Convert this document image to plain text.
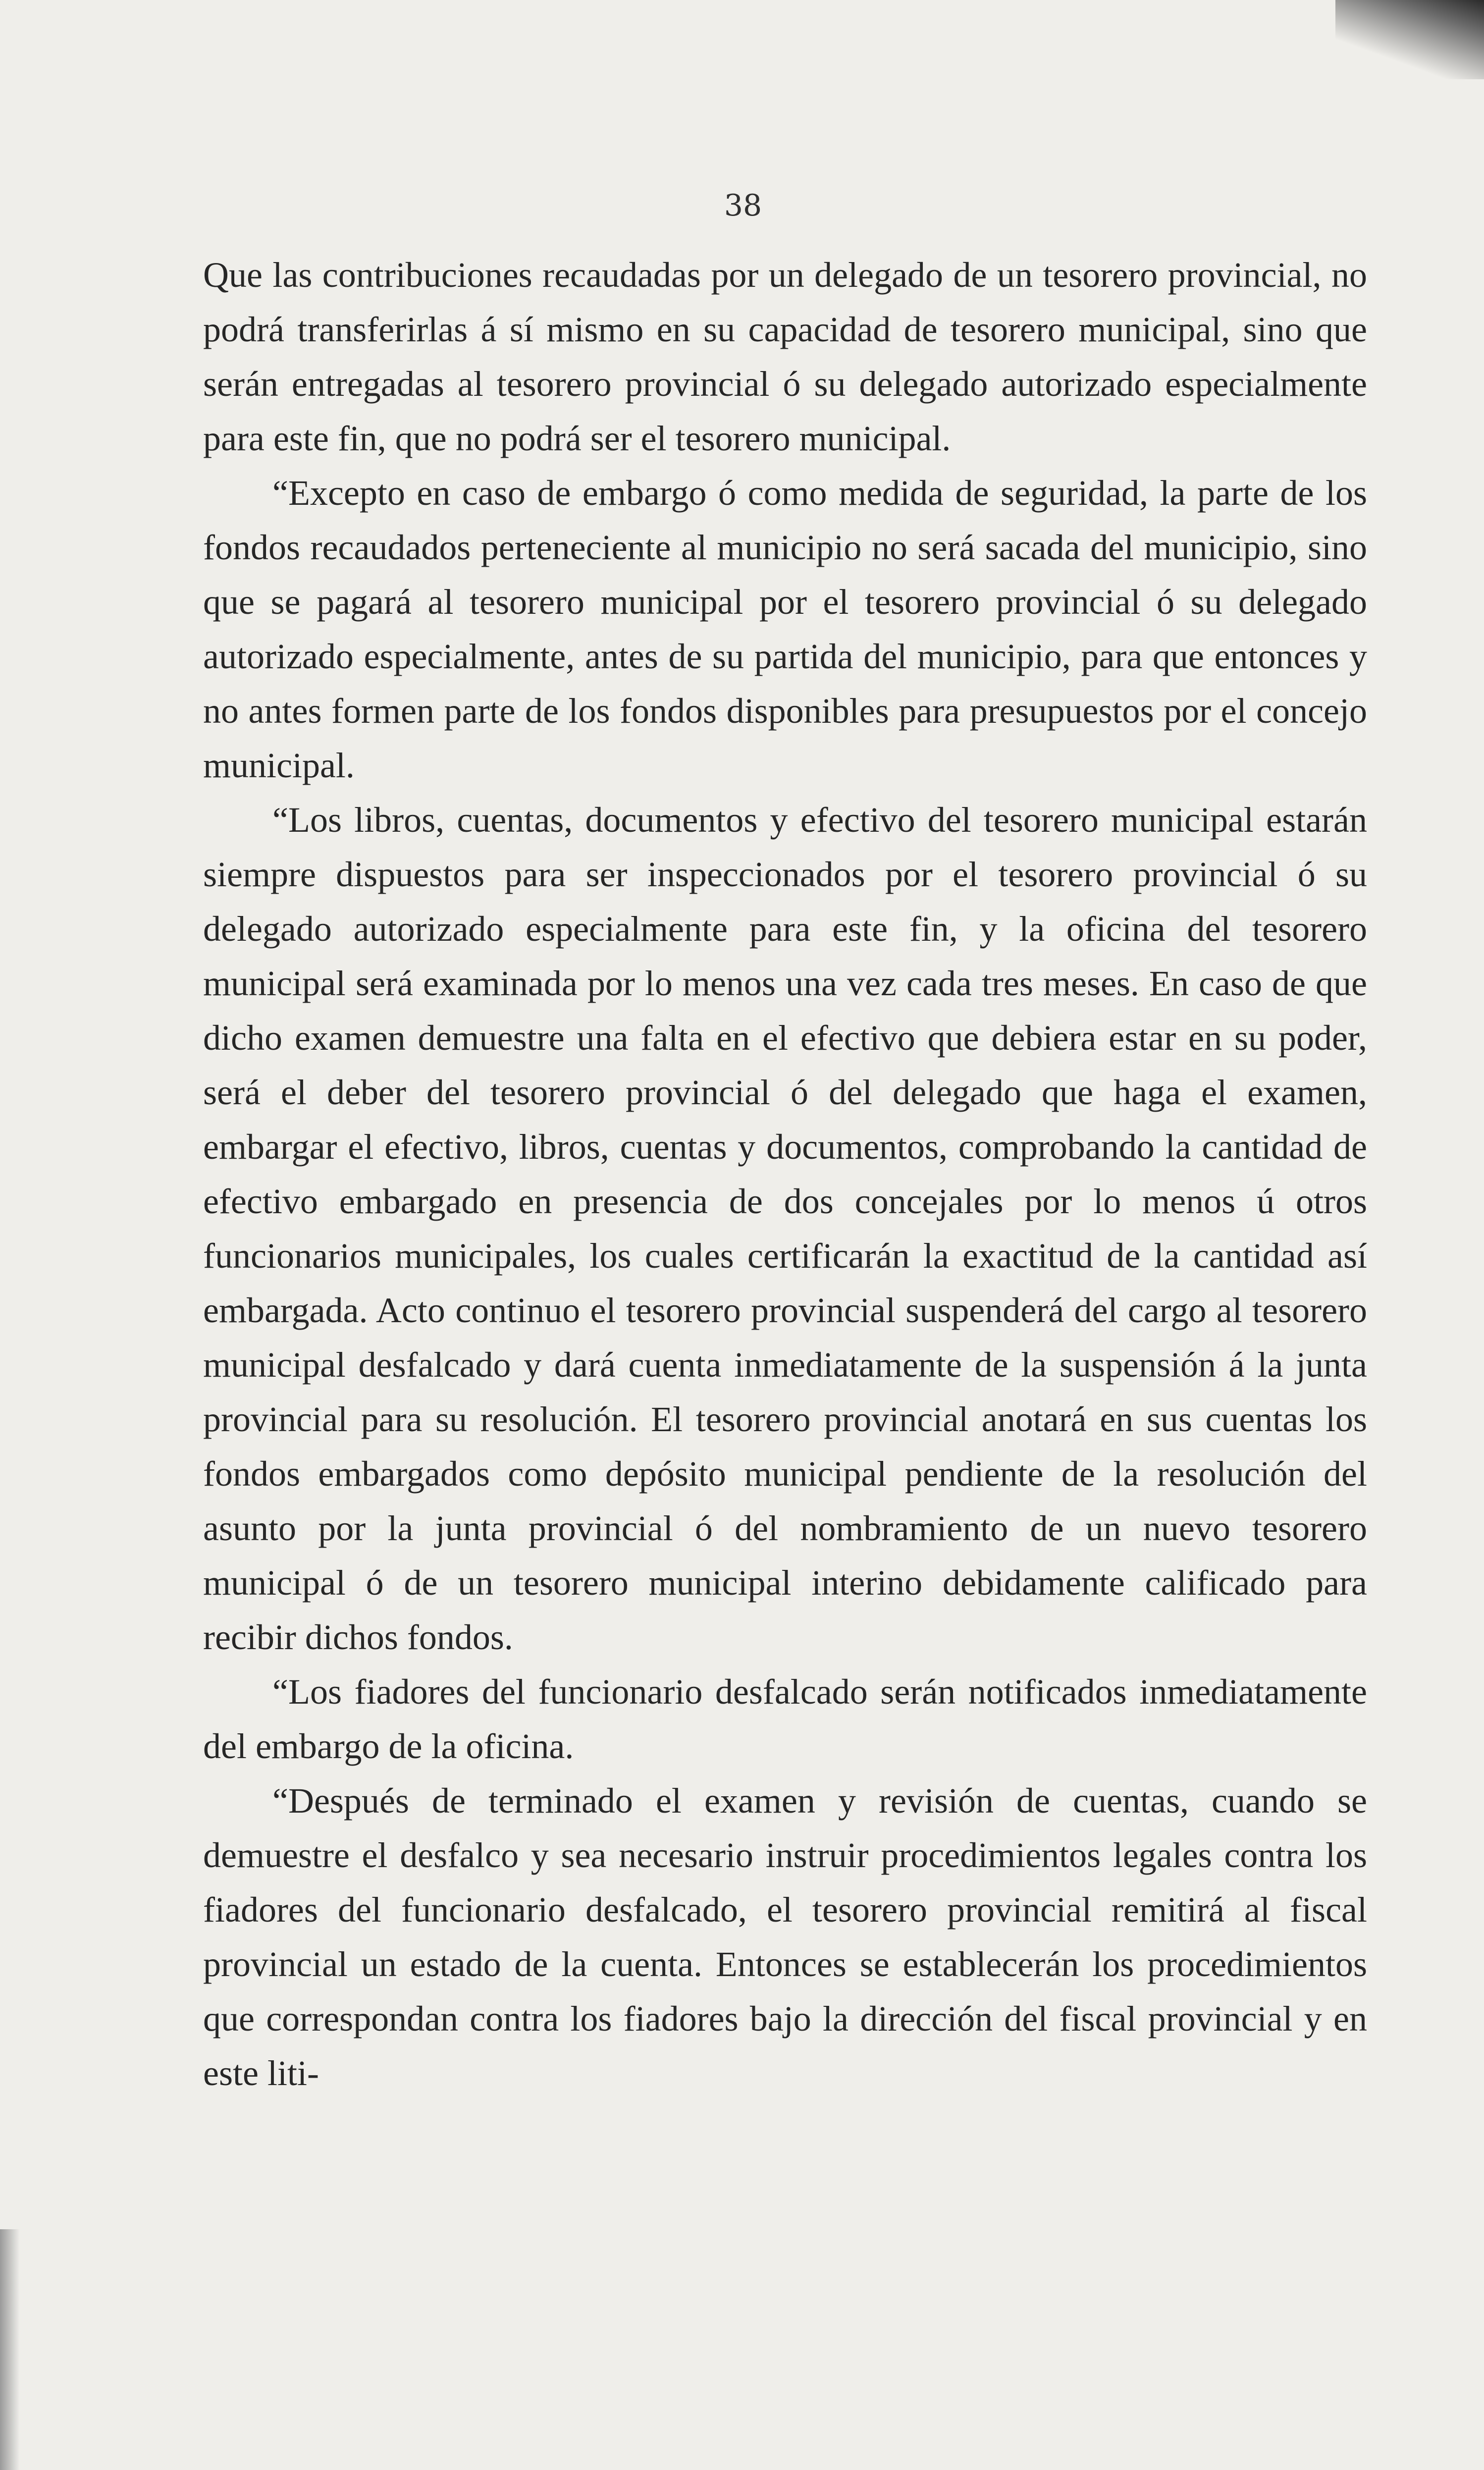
38

Que las contribuciones recaudadas por un delegado de un tesorero provincial, no podrá transferirlas á sí mismo en su capacidad de tesorero municipal, sino que serán entregadas al tesorero provincial ó su delegado autorizado especialmente para este fin, que no podrá ser el tesorero municipal.

“Excepto en caso de embargo ó como medida de seguridad, la parte de los fondos recaudados perteneciente al municipio no será sacada del municipio, sino que se pagará al tesorero municipal por el tesorero provincial ó su delegado autorizado especialmente, antes de su partida del municipio, para que entonces y no antes formen parte de los fondos disponibles para presupuestos por el concejo municipal.

“Los libros, cuentas, documentos y efectivo del tesorero municipal estarán siempre dispuestos para ser inspeccionados por el tesorero provincial ó su delegado autorizado especialmente para este fin, y la oficina del tesorero municipal será examinada por lo menos una vez cada tres meses. En caso de que dicho examen demuestre una falta en el efectivo que debiera estar en su poder, será el deber del tesorero provincial ó del delegado que haga el examen, embargar el efectivo, libros, cuentas y documentos, comprobando la cantidad de efectivo embargado en presencia de dos concejales por lo menos ú otros funcionarios municipales, los cuales certificarán la exactitud de la cantidad así embargada. Acto continuo el tesorero provincial suspenderá del cargo al tesorero municipal desfalcado y dará cuenta inmediatamente de la suspensión á la junta provincial para su resolución. El tesorero provincial anotará en sus cuentas los fondos embargados como depósito municipal pendiente de la resolución del asunto por la junta provincial ó del nombramiento de un nuevo tesorero municipal ó de un tesorero municipal interino debidamente calificado para recibir dichos fondos.

“Los fiadores del funcionario desfalcado serán notificados inmediatamente del embargo de la oficina.

“Después de terminado el examen y revisión de cuentas, cuando se demuestre el desfalco y sea necesario instruir procedimientos legales contra los fiadores del funcionario desfalcado, el tesorero provincial remitirá al fiscal provincial un estado de la cuenta. Entonces se establecerán los procedimientos que correspondan contra los fiadores bajo la dirección del fiscal provincial y en este liti-
